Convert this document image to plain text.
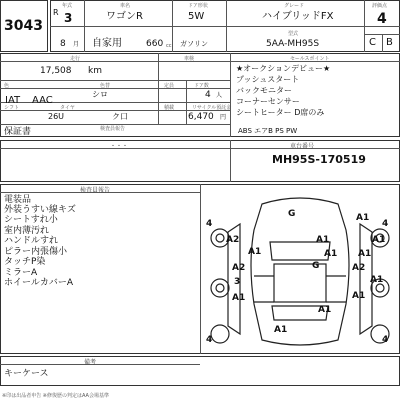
3043
年式	車名	ドア形状	グレード	評価点
R 3	ワゴンR	5W	ハイブリッドFX	4
8 月 自家用	660 cc ガソリン
型式
5AA-MH95S	C B
走行	車検	セールスポイント
17,508 km
色	色替	定員	ドア数
シロ	4 人
IAT AAC
シフト	タイヤ	積載	リサイクル預託金
26U	ク口	6,470 円
検査員報告
保証書
★オークションデビュー★
プッシュスタート
バックモニター
コーナーセンサー
シートヒーター D席のみ
ABS エアB PS PW
車台番号
・・・
MH95S-170519
検査員報告
電装品
外装うすい線キズ
シートすれ小
室内薄汚れ
ハンドルすれ
ピラー内張傷小
タッチP染
ミラーA
ホイールカバーA
4	4
4	4
G	A1
A2	A1	A1
A1	A1 A1
A2	G	A2
3	A1
A1	A1
A1
A1
備考
キーケース
※印は出品者申告 ※修復歴の判定はAA会場基準
